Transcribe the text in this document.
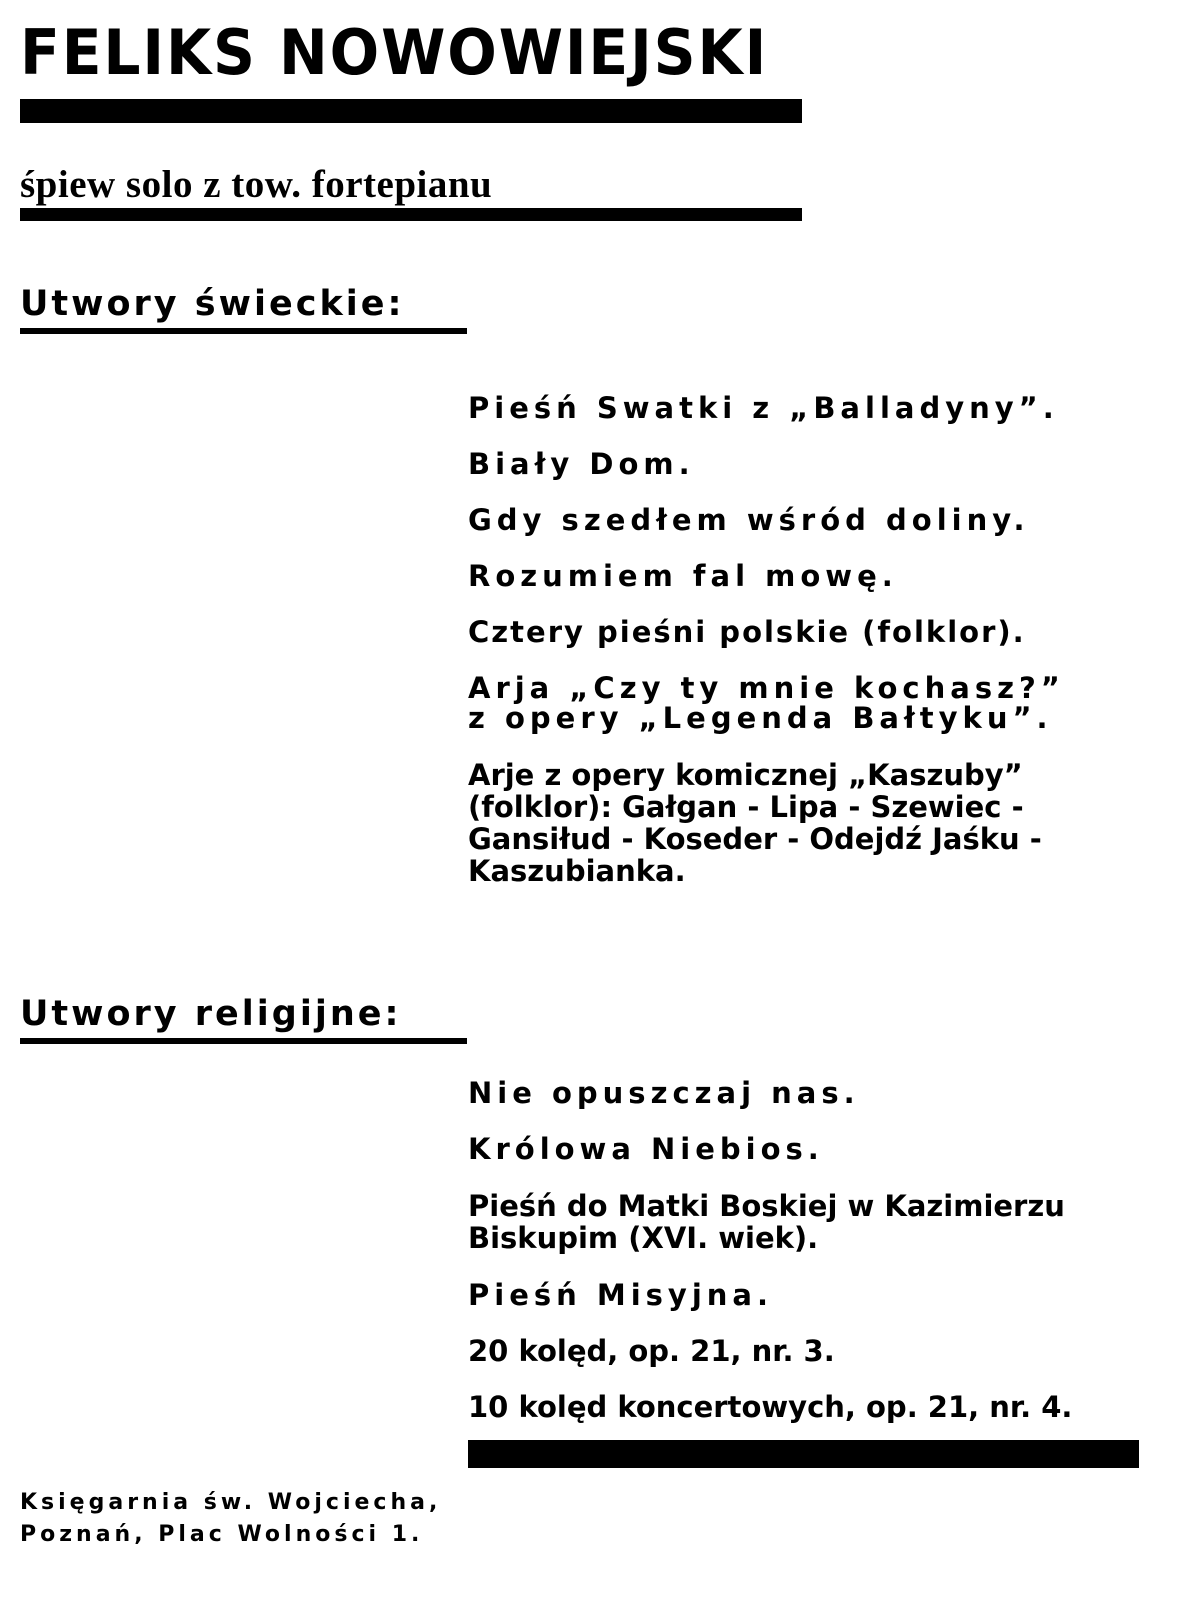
FELIKS NOWOWIEJSKI
śpiew solo z tow. fortepianu
Utwory świeckie:
Pieśń Swatki z „Balladyny”.
Biały Dom.
Gdy szedłem wśród doliny.
Rozumiem fal mowę.
Cztery pieśni polskie (folklor).
Arja „Czy ty mnie kochasz?”
z opery „Legenda Bałtyku”.
Arje z opery komicznej „Kaszuby”
(folklor): Gałgan - Lipa - Szewiec -
Gansiłud - Koseder - Odejdź Jaśku -
Kaszubianka.
Utwory religijne:
Nie opuszczaj nas.
Królowa Niebios.
Pieśń do Matki Boskiej w Kazimierzu
Biskupim (XVI. wiek).
Pieśń Misyjna.
20 kolęd, op. 21, nr. 3.
10 kolęd koncertowych, op. 21, nr. 4.
Księgarnia św. Wojciecha,
Poznań, Plac Wolności 1.
